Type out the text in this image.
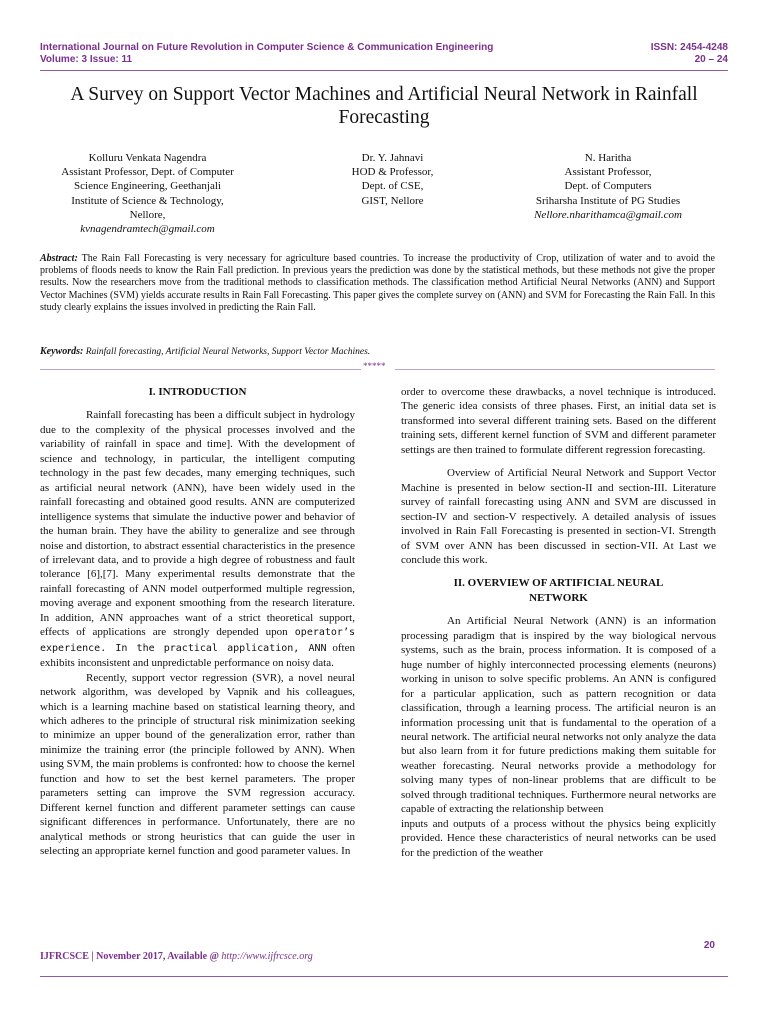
International Journal on Future Revolution in Computer Science & Communication Engineering	ISSN: 2454-4248
Volume: 3 Issue: 11	20 – 24
A Survey on Support Vector Machines and Artificial Neural Network in Rainfall Forecasting
Kolluru Venkata Nagendra
Assistant Professor, Dept. of Computer
Science Engineering, Geethanjali
Institute of Science & Technology,
Nellore,
kvnagendramtech@gmail.com
Dr. Y. Jahnavi
HOD & Professor,
Dept. of CSE,
GIST, Nellore
N. Haritha
Assistant Professor,
Dept. of Computers
Sriharsha Institute of PG Studies
Nellore.nharithamca@gmail.com
Abstract: The Rain Fall Forecasting is very necessary for agriculture based countries. To increase the productivity of Crop, utilization of water and to avoid the problems of floods needs to know the Rain Fall prediction. In previous years the prediction was done by the statistical methods, but these methods not give the proper results. Now the researchers move from the traditional methods to classification methods. The classification method Artificial Neural Networks (ANN) and Support Vector Machines (SVM) yields accurate results in Rain Fall Forecasting. This paper gives the complete survey on (ANN) and SVM for Forecasting the Rain Fall. In this study clearly explains the issues involved in predicting the Rain Fall.
Keywords: Rainfall forecasting, Artificial Neural Networks, Support Vector Machines.
*****

I. INTRODUCTION

Rainfall forecasting has been a difficult subject in hydrology due to the complexity of the physical processes involved and the variability of rainfall in space and time]. With the development of science and technology, in particular, the intelligent computing technology in the past few decades, many emerging techniques, such as artificial neural network (ANN), have been widely used in the rainfall forecasting and obtained good results. ANN are computerized intelligence systems that simulate the inductive power and behavior of the human brain. They have the ability to generalize and see through noise and distortion, to abstract essential characteristics in the presence of irrelevant data, and to provide a high degree of robustness and fault tolerance [6],[7]. Many experimental results demonstrate that the rainfall forecasting of ANN model outperformed multiple regression, moving average and exponent smoothing from the research literature. In addition, ANN approaches want of a strict theoretical support, effects of applications are strongly depended upon operator’s experience. In the practical application, ANN often exhibits inconsistent and unpredictable performance on noisy data.

Recently, support vector regression (SVR), a novel neural network algorithm, was developed by Vapnik and his colleagues, which is a learning machine based on statistical learning theory, and which adheres to the principle of structural risk minimization seeking to minimize an upper bound of the generalization error, rather than minimize the training error (the principle followed by ANN). When using SVM, the main problems is confronted: how to choose the kernel function and how to set the best kernel parameters. The proper parameters setting can improve the SVM regression accuracy. Different kernel function and different parameter settings can cause significant differences in performance. Unfortunately, there are no analytical methods or strong heuristics that can guide the user in selecting an appropriate kernel function and good parameter values. In

order to overcome these drawbacks, a novel technique is introduced. The generic idea consists of three phases. First, an initial data set is transformed into several different training sets. Based on the different training sets, different kernel function of SVM and different parameter settings are then trained to formulate different regression forecasting.

Overview of Artificial Neural Network and Support Vector Machine is presented in below section-II and section-III. Literature survey of rainfall forecasting using ANN and SVM are discussed in section-IV and section-V respectively. A detailed analysis of issues involved in Rain Fall Forecasting is presented in section-VI. Strength of SVM over ANN has been discussed in section-VII. At Last we conclude this work.

II. OVERVIEW OF ARTIFICIAL NEURAL
NETWORK

An Artificial Neural Network (ANN) is an information processing paradigm that is inspired by the way biological nervous systems, such as the brain, process information. It is composed of a huge number of highly interconnected processing elements (neurons) working in unison to solve specific problems. An ANN is configured for a particular application, such as pattern recognition or data classification, through a learning process. The artificial neuron is an information processing unit that is fundamental to the operation of a neural network. The artificial neural networks not only analyze the data but also learn from it for future predictions making them suitable for weather forecasting. Neural networks provide a methodology for solving many types of non-linear problems that are difficult to be solved through traditional techniques. Furthermore neural networks are capable of extracting the relationship between

inputs and outputs of a process without the physics being explicitly provided. Hence these characteristics of neural networks can be used for the prediction of the weather

20
IJFRCSCE | November 2017, Available @ http://www.ijfrcsce.org
